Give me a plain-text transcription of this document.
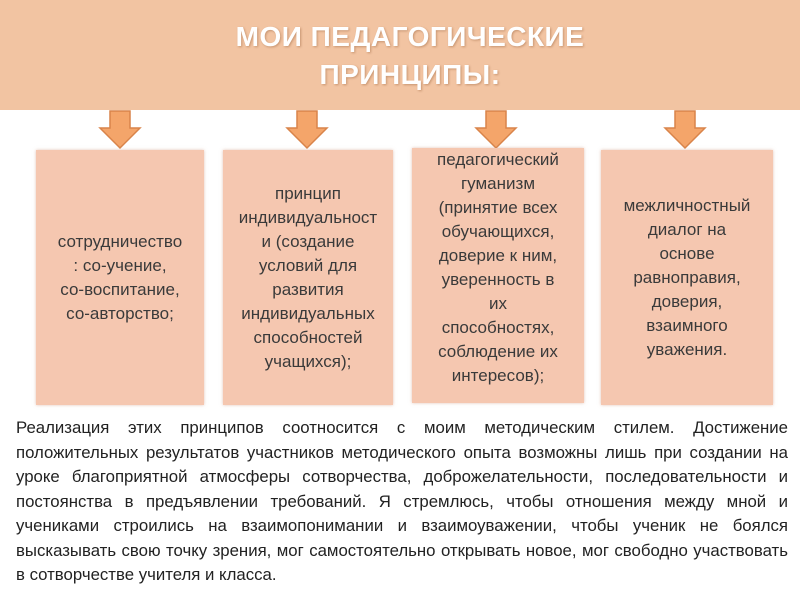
МОИ ПЕДАГОГИЧЕСКИЕ
ПРИНЦИПЫ:
сотрудничество
: со-учение,
со-воспитание,
со-авторство;
принцип
индивидуальност
и (создание
условий для
развития
индивидуальных
способностей
учащихся);
педагогический
гуманизм
(принятие всех
обучающихся,
доверие к ним,
уверенность в
их
способностях,
соблюдение их
интересов);
межличностный
диалог на
основе
равноправия,
доверия,
взаимного
уважения.
Реализация этих принципов соотносится с моим методическим стилем. Достижение положительных результатов участников методического опыта возможны лишь при создании на уроке благоприятной атмосферы сотворчества, доброжелательности, последовательности и постоянства в предъявлении требований. Я стремлюсь, чтобы отношения между мной и учениками строились на взаимопонимании и взаимоуважении, чтобы ученик не боялся высказывать свою точку зрения, мог самостоятельно открывать новое, мог свободно участвовать в сотворчестве учителя и класса.
